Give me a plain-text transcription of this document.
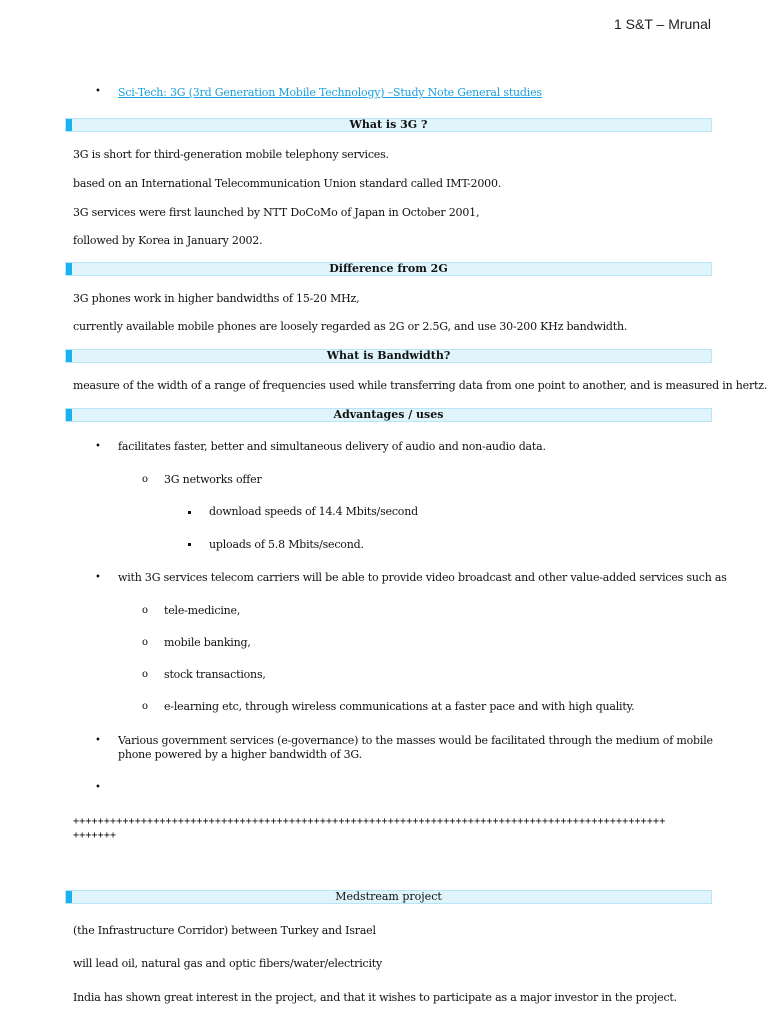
1 S&T – Mrunal
• Sci-Tech: 3G (3rd Generation Mobile Technology) –Study Note General studies
What is 3G ?
3G is short for third-generation mobile telephony services.
based on an International Telecommunication Union standard called IMT-2000.
3G services were first launched by NTT DoCoMo of Japan in October 2001,
followed by Korea in January 2002.
Difference from 2G
3G phones work in higher bandwidths of 15-20 MHz,
currently available mobile phones are loosely regarded as 2G or 2.5G, and use 30-200 KHz bandwidth.
What is Bandwidth?
measure of the width of a range of frequencies used while transferring data from one point to another, and is measured in hertz.
Advantages / uses
• facilitates faster, better and simultaneous delivery of audio and non-audio data.
o 3G networks offer
download speeds of 14.4 Mbits/second
uploads of 5.8 Mbits/second.
• with 3G services telecom carriers will be able to provide video broadcast and other value-added services such as
o tele-medicine,
o mobile banking,
o stock transactions,
o e-learning etc, through wireless communications at a faster pace and with high quality.
• Various government services (e-governance) to the masses would be facilitated through the medium of mobile phone powered by a higher bandwidth of 3G.
•
++++++++++++++++++++++++++++++++++++++++++++++++++++++++++++++++++++++++++++++++++++++++++++++++
+++++++
Medstream project
(the Infrastructure Corridor) between Turkey and Israel
will lead oil, natural gas and optic fibers/water/electricity
India has shown great interest in the project, and that it wishes to participate as a major investor in the project.
